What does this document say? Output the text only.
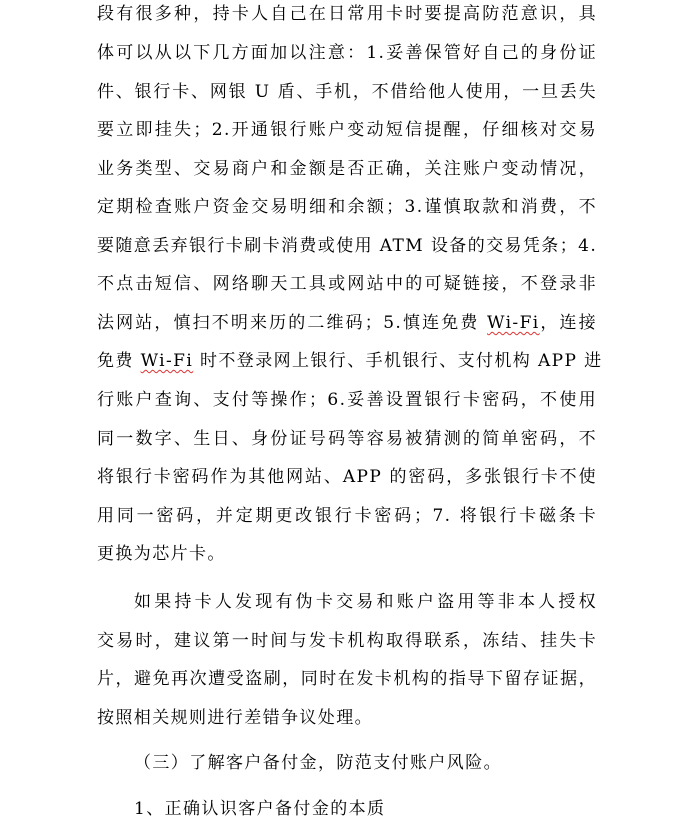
段有很多种，持卡人自己在日常用卡时要提高防范意识，具
体可以从以下几方面加以注意：1.妥善保管好自己的身份证
件、银行卡、网银 U 盾、手机，不借给他人使用，一旦丢失
要立即挂失；2.开通银行账户变动短信提醒，仔细核对交易
业务类型、交易商户和金额是否正确，关注账户变动情况，
定期检查账户资金交易明细和余额；3.谨慎取款和消费，不
要随意丢弃银行卡刷卡消费或使用 ATM 设备的交易凭条；4.
不点击短信、网络聊天工具或网站中的可疑链接，不登录非
法网站，慎扫不明来历的二维码；5.慎连免费 Wi-Fi，连接
免费 Wi-Fi 时不登录网上银行、手机银行、支付机构 APP 进
行账户查询、支付等操作；6.妥善设置银行卡密码，不使用
同一数字、生日、身份证号码等容易被猜测的简单密码，不
将银行卡密码作为其他网站、APP 的密码，多张银行卡不使
用同一密码，并定期更改银行卡密码；7. 将银行卡磁条卡
更换为芯片卡。
如果持卡人发现有伪卡交易和账户盗用等非本人授权
交易时，建议第一时间与发卡机构取得联系，冻结、挂失卡
片，避免再次遭受盗刷，同时在发卡机构的指导下留存证据，
按照相关规则进行差错争议处理。
（三）了解客户备付金，防范支付账户风险。
1、正确认识客户备付金的本质
